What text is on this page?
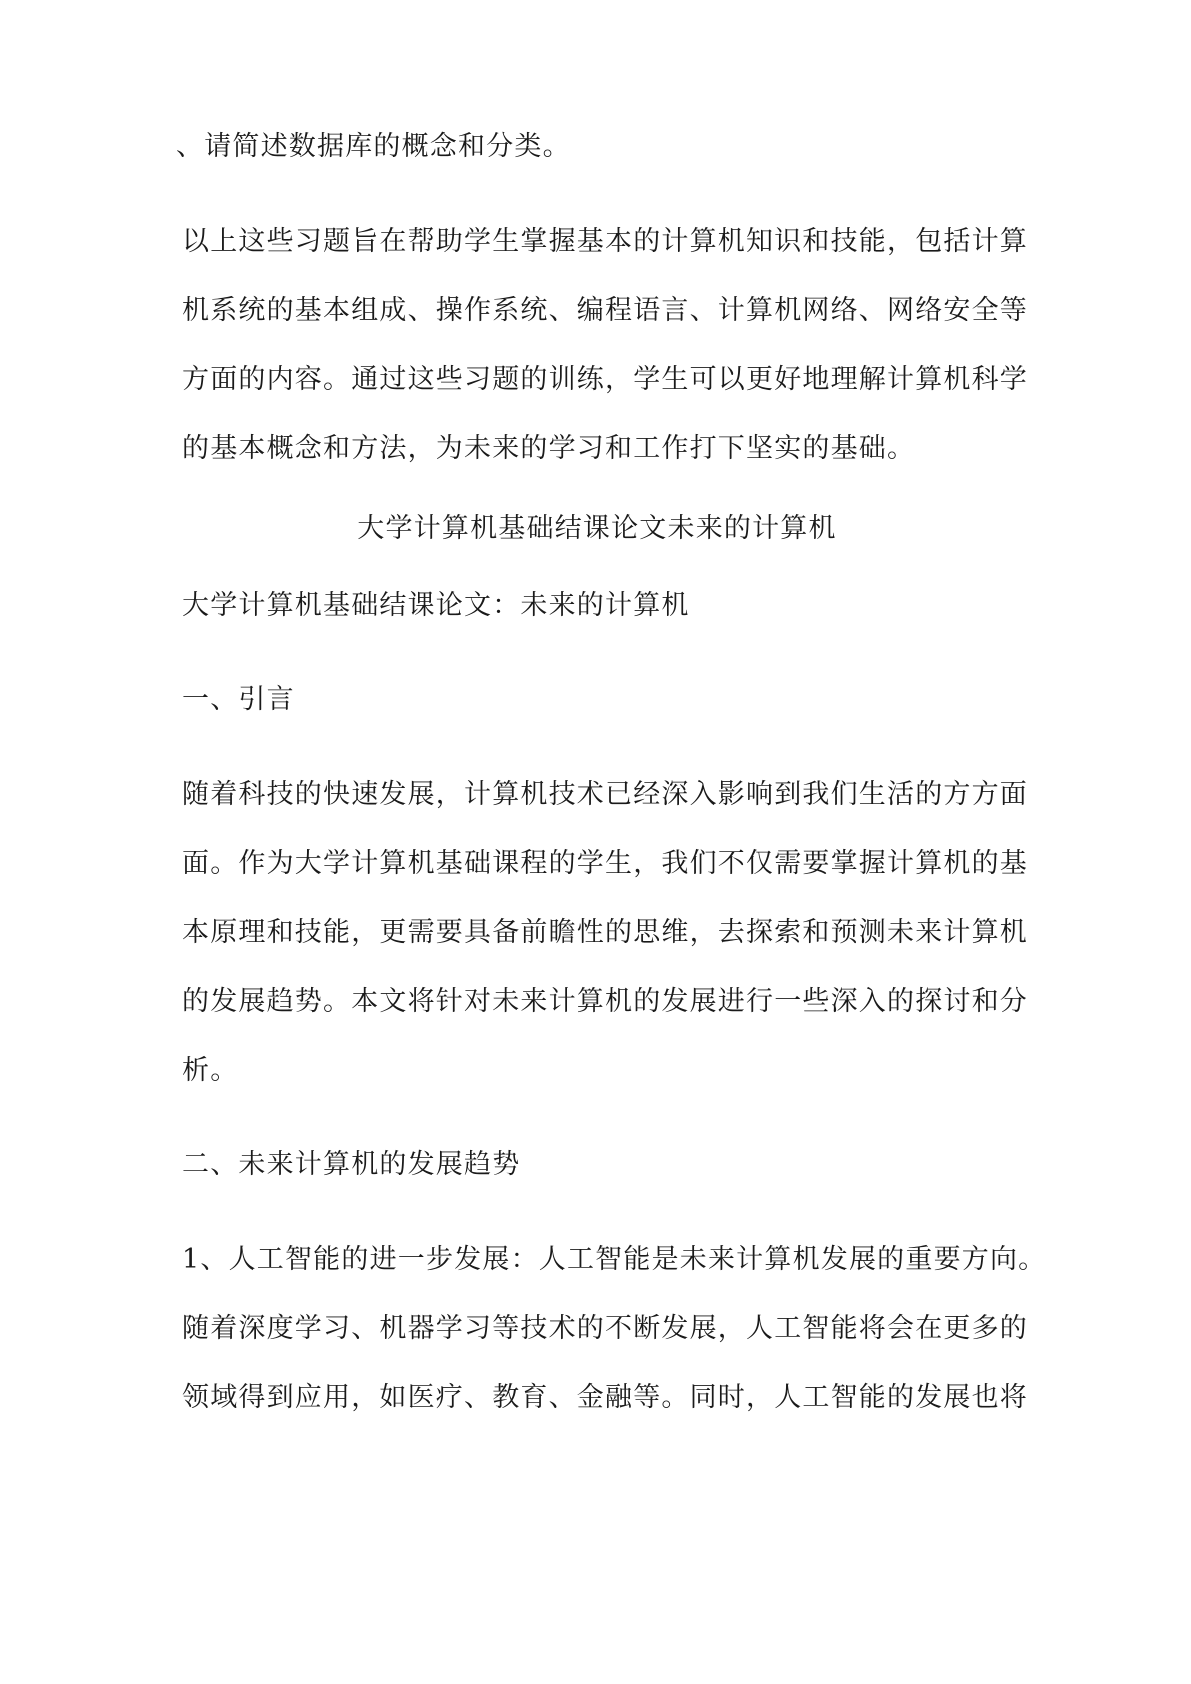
、请简述数据库的概念和分类。
以上这些习题旨在帮助学生掌握基本的计算机知识和技能，包括计算
机系统的基本组成、操作系统、编程语言、计算机网络、网络安全等
方面的内容。通过这些习题的训练，学生可以更好地理解计算机科学
的基本概念和方法，为未来的学习和工作打下坚实的基础。
大学计算机基础结课论文未来的计算机
大学计算机基础结课论文：未来的计算机
一、引言
随着科技的快速发展，计算机技术已经深入影响到我们生活的方方面
面。作为大学计算机基础课程的学生，我们不仅需要掌握计算机的基
本原理和技能，更需要具备前瞻性的思维，去探索和预测未来计算机
的发展趋势。本文将针对未来计算机的发展进行一些深入的探讨和分
析。
二、未来计算机的发展趋势
1、人工智能的进一步发展：人工智能是未来计算机发展的重要方向。
随着深度学习、机器学习等技术的不断发展，人工智能将会在更多的
领域得到应用，如医疗、教育、金融等。同时，人工智能的发展也将
